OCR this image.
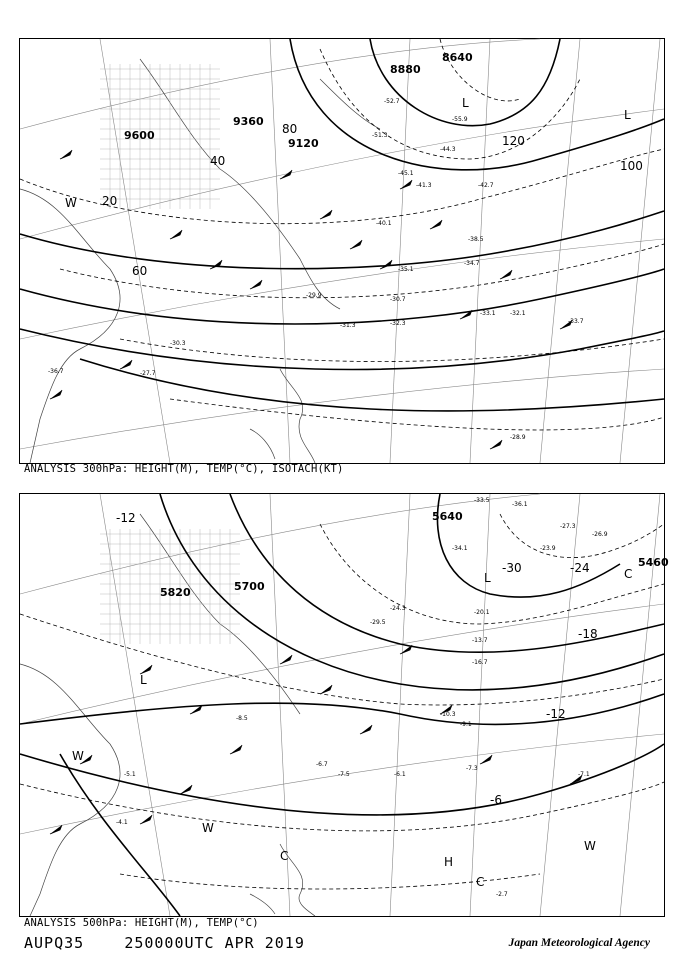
9600
9360
9120
8880
8640
20
40
60
80
100
120
L
L
W
-32.1
-33.7
-34.7
-35.1
-38.5
-40.1
-41.3	-42.7
-44.3
-45.1
-51.3
-52.7
-55.9
-31.3
-30.7
-29.9
-28.9
-27.7
-33.1
-32.3
-36.7
-30.3
ANALYSIS 300hPa: HEIGHT(M), TEMP(°C), ISOTACH(KT)
5820	5700
5640
5460
-12
-18
-24
-30
-6
-12
L
L
C
C	H
W
W
W
C
-5.1	-7.5	-6.1
-6.7
-10.3
-9.1
-7.3
-7.1
-2.7
-13.7
-16.7
-20.1
-34.1
-36.1
-33.5
-26.9
-27.3
-23.9
-29.5
-24.3
-8.5
-4.1
ANALYSIS 500hPa: HEIGHT(M), TEMP(°C)
AUPQ35	250000UTC APR 2019	Japan Meteorological Agency
